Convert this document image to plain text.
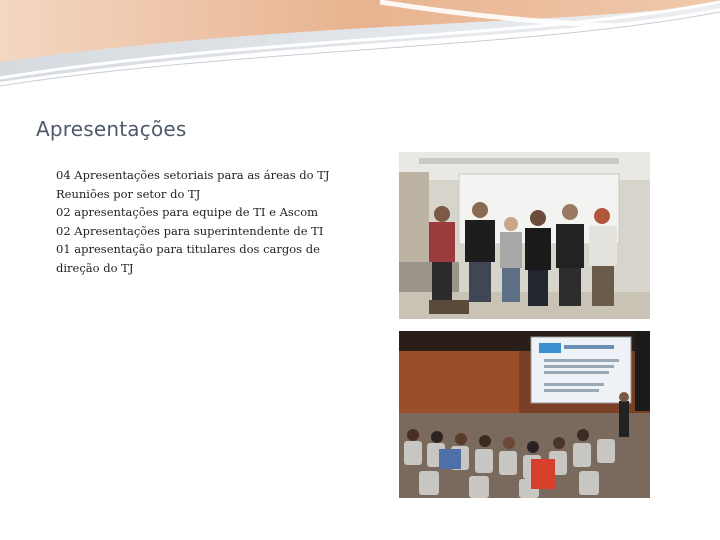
Apresentações
04 Apresentações setoriais para as áreas do TJ
Reuniões por setor do TJ
02 apresentações para equipe de TI e Ascom
02 Apresentações para superintendente de TI
01 apresentação para titulares dos cargos de direção do TJ
